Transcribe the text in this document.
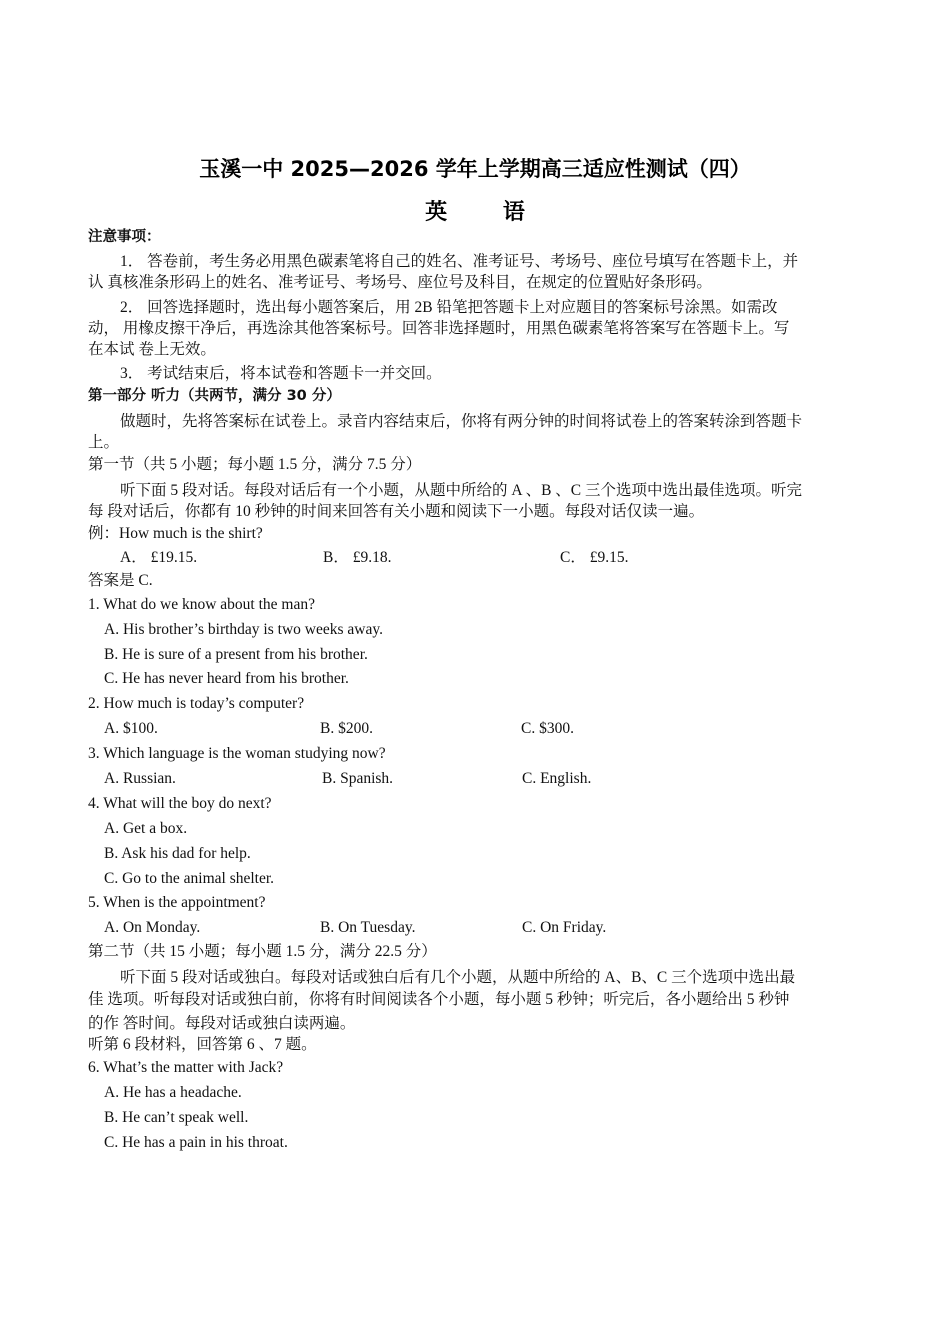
玉溪一中 2025—2026 学年上学期高三适应性测试（四）
英 语
注意事项：
1． 答卷前，考生务必用黑色碳素笔将自己的姓名、准考证号、考场号、座位号填写在答题卡上，并
认 真核准条形码上的姓名、准考证号、考场号、座位号及科目，在规定的位置贴好条形码。
2． 回答选择题时，选出每小题答案后，用 2B 铅笔把答题卡上对应题目的答案标号涂黑。如需改
动， 用橡皮擦干净后，再选涂其他答案标号。回答非选择题时，用黑色碳素笔将答案写在答题卡上。写
在本试 卷上无效。
3． 考试结束后，将本试卷和答题卡一并交回。
第一部分 听力（共两节，满分 30 分）
做题时，先将答案标在试卷上。录音内容结束后，你将有两分钟的时间将试卷上的答案转涂到答题卡
上。
第一节（共 5 小题；每小题 1.5 分，满分 7.5 分）
听下面 5 段对话。每段对话后有一个小题，从题中所给的 A 、B 、C 三个选项中选出最佳选项。听完
每 段对话后，你都有 10 秒钟的时间来回答有关小题和阅读下一小题。每段对话仅读一遍。
例：How much is the shirt?
A． £19.15.	B． £9.18.	C． £9.15.
答案是 C.
1. What do we know about the man?
A. His brother’s birthday is two weeks away.
B. He is sure of a present from his brother.
C. He has never heard from his brother.
2. How much is today’s computer?
A. $100.	B. $200.	C. $300.
3. Which language is the woman studying now?
A. Russian.	B. Spanish.	C. English.
4. What will the boy do next?
A. Get a box.
B. Ask his dad for help.
C. Go to the animal shelter.
5. When is the appointment?
A. On Monday.	B. On Tuesday.	C. On Friday.
第二节（共 15 小题；每小题 1.5 分，满分 22.5 分）
听下面 5 段对话或独白。每段对话或独白后有几个小题，从题中所给的 A、B、C 三个选项中选出最
佳 选项。听每段对话或独白前，你将有时间阅读各个小题，每小题 5 秒钟；听完后，各小题给出 5 秒钟
的作 答时间。每段对话或独白读两遍。
听第 6 段材料，回答第 6 、7 题。
6. What’s the matter with Jack?
A. He has a headache.
B. He can’t speak well.
C. He has a pain in his throat.
